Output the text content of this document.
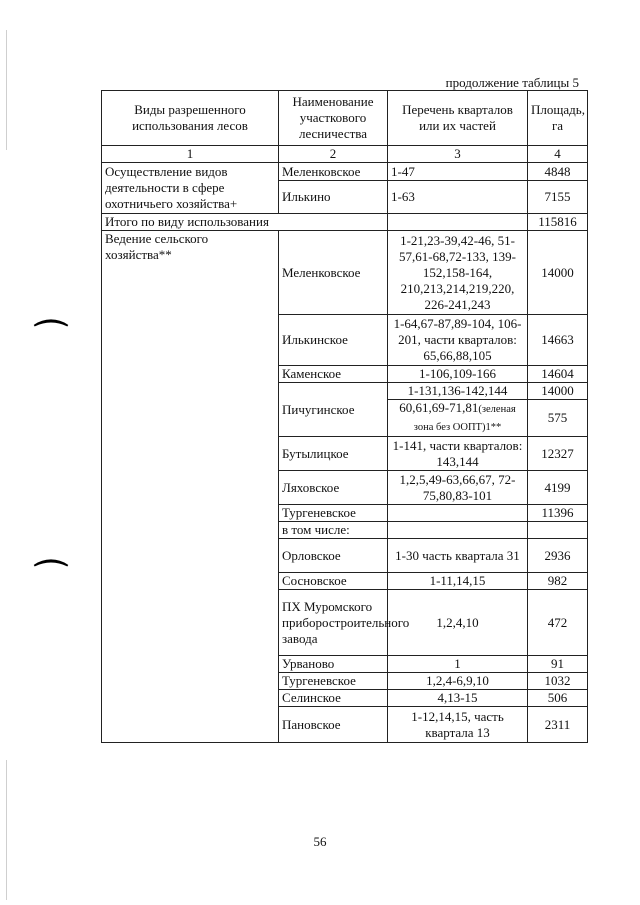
⌒
⌒
продолжение таблицы 5
Виды разрешенного использования лесов	Наименование участкового лесничества	Перечень кварталов или их частей	Площадь, га
1	2	3	4
Осуществление видов деятельности в сфере охотничьего хозяйства+	Меленковское	1-47	4848
	Илькино	1-63	7155
Итого по виду использования			115816
Ведение сельского хозяйства**	Меленковское	1-21,23-39,42-46, 51-57,61-68,72-133, 139-152,158-164, 210,213,214,219,220, 226-241,243	14000
	Илькинское	1-64,67-87,89-104, 106-201, части кварталов: 65,66,88,105	14663
	Каменское	1-106,109-166	14604
	Пичугинское	1-131,136-142,144	14000
		60,61,69-71,81(зеленая зона без ООПТ)1**	575
	Бутылицкое	1-141, части кварталов: 143,144	12327
	Ляховское	1,2,5,49-63,66,67, 72-75,80,83-101	4199
	Тургеневское		11396
	в том числе:		
	Орловское	1-30 часть квартала 31	2936
	Сосновское	1-11,14,15	982
	ПХ Муромского приборостроительного завода	1,2,4,10	472
	Урваново	1	91
	Тургеневское	1,2,4-6,9,10	1032
	Селинское	4,13-15	506
	Пановское	1-12,14,15, часть квартала 13	2311
56
